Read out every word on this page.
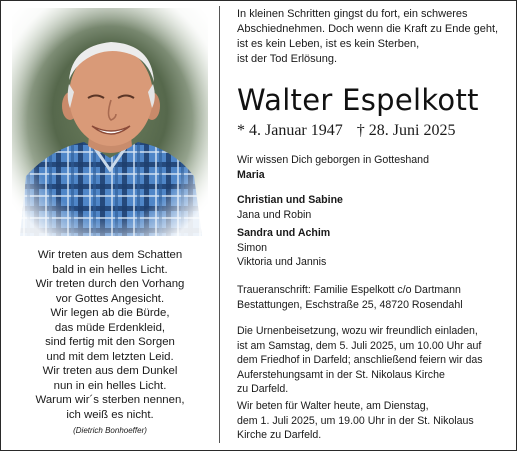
Wir treten aus dem Schatten
bald in ein helles Licht.
Wir treten durch den Vorhang
vor Gottes Angesicht.
Wir legen ab die Bürde,
das müde Erdenkleid,
sind fertig mit den Sorgen
und mit dem letzten Leid.
Wir treten aus dem Dunkel
nun in ein helles Licht.
Warum wir´s sterben nennen,
ich weiß es nicht.
(Dietrich Bonhoeffer)
In kleinen Schritten gingst du fort, ein schweres
Abschiednehmen. Doch wenn die Kraft zu Ende geht,
ist es kein Leben, ist es kein Sterben,
ist der Tod Erlösung.
Walter Espelkott
* 4. Januar 1947 † 28. Juni 2025
Wir wissen Dich geborgen in Gotteshand
Maria
Christian und Sabine
Jana und Robin
Sandra und Achim
Simon
Viktoria und Jannis
Traueranschrift: Familie Espelkott c/o Dartmann
Bestattungen, Eschstraße 25, 48720 Rosendahl
Die Urnenbeisetzung, wozu wir freundlich einladen,
ist am Samstag, dem 5. Juli 2025, um 10.00 Uhr auf
dem Friedhof in Darfeld; anschließend feiern wir das
Auferstehungsamt in der St. Nikolaus Kirche
zu Darfeld.
Wir beten für Walter heute, am Dienstag,
dem 1. Juli 2025, um 19.00 Uhr in der St. Nikolaus
Kirche zu Darfeld.
